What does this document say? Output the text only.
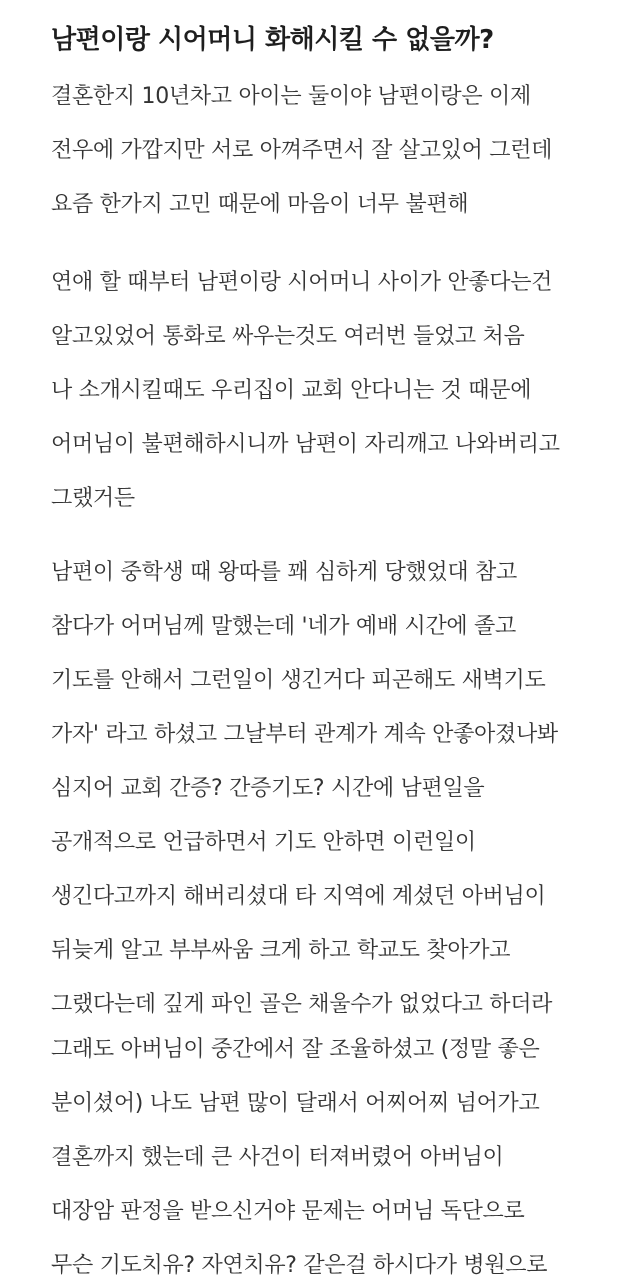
남편이랑 시어머니 화해시킬 수 없을까?
결혼한지 10년차고 아이는 둘이야 남편이랑은 이제
전우에 가깝지만 서로 아껴주면서 잘 살고있어 그런데
요즘 한가지 고민 때문에 마음이 너무 불편해
연애 할 때부터 남편이랑 시어머니 사이가 안좋다는건
알고있었어 통화로 싸우는것도 여러번 들었고 처음
나 소개시킬때도 우리집이 교회 안다니는 것 때문에
어머님이 불편해하시니까 남편이 자리깨고 나와버리고
그랬거든
남편이 중학생 때 왕따를 꽤 심하게 당했었대 참고
참다가 어머님께 말했는데 '네가 예배 시간에 졸고
기도를 안해서 그런일이 생긴거다 피곤해도 새벽기도
가자' 라고 하셨고 그날부터 관계가 계속 안좋아졌나봐
심지어 교회 간증? 간증기도? 시간에 남편일을
공개적으로 언급하면서 기도 안하면 이런일이
생긴다고까지 해버리셨대 타 지역에 계셨던 아버님이
뒤늦게 알고 부부싸움 크게 하고 학교도 찾아가고
그랬다는데 깊게 파인 골은 채울수가 없었다고 하더라
그래도 아버님이 중간에서 잘 조율하셨고 (정말 좋은
분이셨어) 나도 남편 많이 달래서 어찌어찌 넘어가고
결혼까지 했는데 큰 사건이 터져버렸어 아버님이
대장암 판정을 받으신거야 문제는 어머님 독단으로
무슨 기도치유? 자연치유? 같은걸 하시다가 병원으로
